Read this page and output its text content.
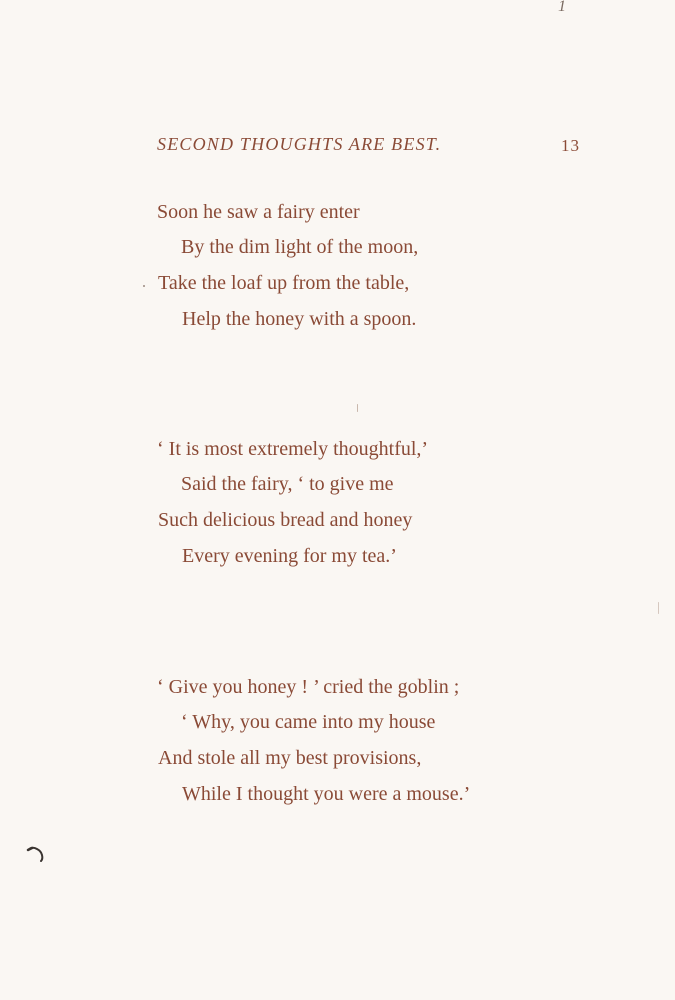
1
SECOND THOUGHTS ARE BEST.	13
Soon he saw a fairy enter
By the dim light of the moon,
Take the loaf up from the table,
Help the honey with a spoon.
‘ It is most extremely thoughtful,’
Said the fairy, ‘ to give me
Such delicious bread and honey
Every evening for my tea.’
‘ Give you honey ! ’ cried the goblin ;
‘ Why, you came into my house
And stole all my best provisions,
While I thought you were a mouse.’
